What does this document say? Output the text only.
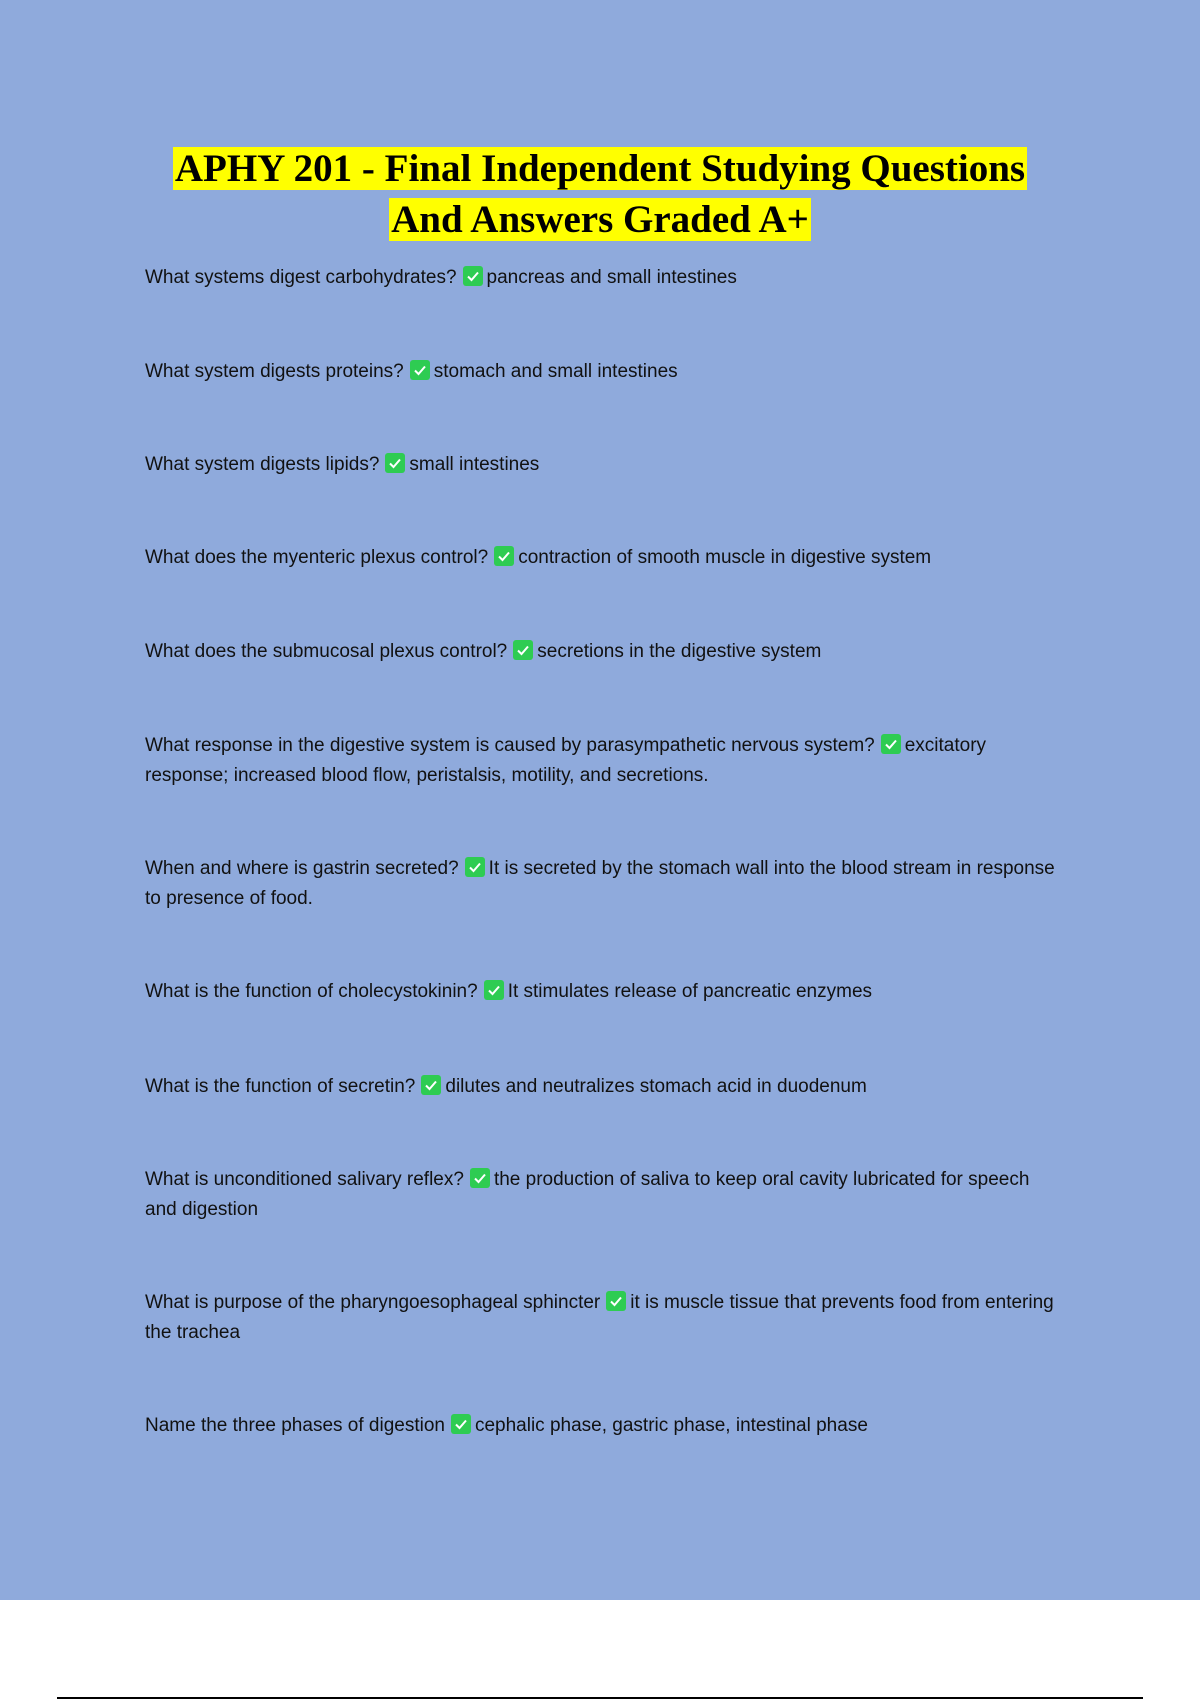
APHY 201 - Final Independent Studying Questions
And Answers Graded A+

What systems digest carbohydrates? pancreas and small intestines

What system digests proteins? stomach and small intestines

What system digests lipids? small intestines

What does the myenteric plexus control? contraction of smooth muscle in digestive system

What does the submucosal plexus control? secretions in the digestive system

What response in the digestive system is caused by parasympathetic nervous system? excitatory response; increased blood flow, peristalsis, motility, and secretions.

When and where is gastrin secreted? It is secreted by the stomach wall into the blood stream in response to presence of food.

What is the function of cholecystokinin? It stimulates release of pancreatic enzymes

What is the function of secretin? dilutes and neutralizes stomach acid in duodenum

What is unconditioned salivary reflex? the production of saliva to keep oral cavity lubricated for speech and digestion

What is purpose of the pharyngoesophageal sphincter it is muscle tissue that prevents food from entering the trachea

Name the three phases of digestion cephalic phase, gastric phase, intestinal phase
